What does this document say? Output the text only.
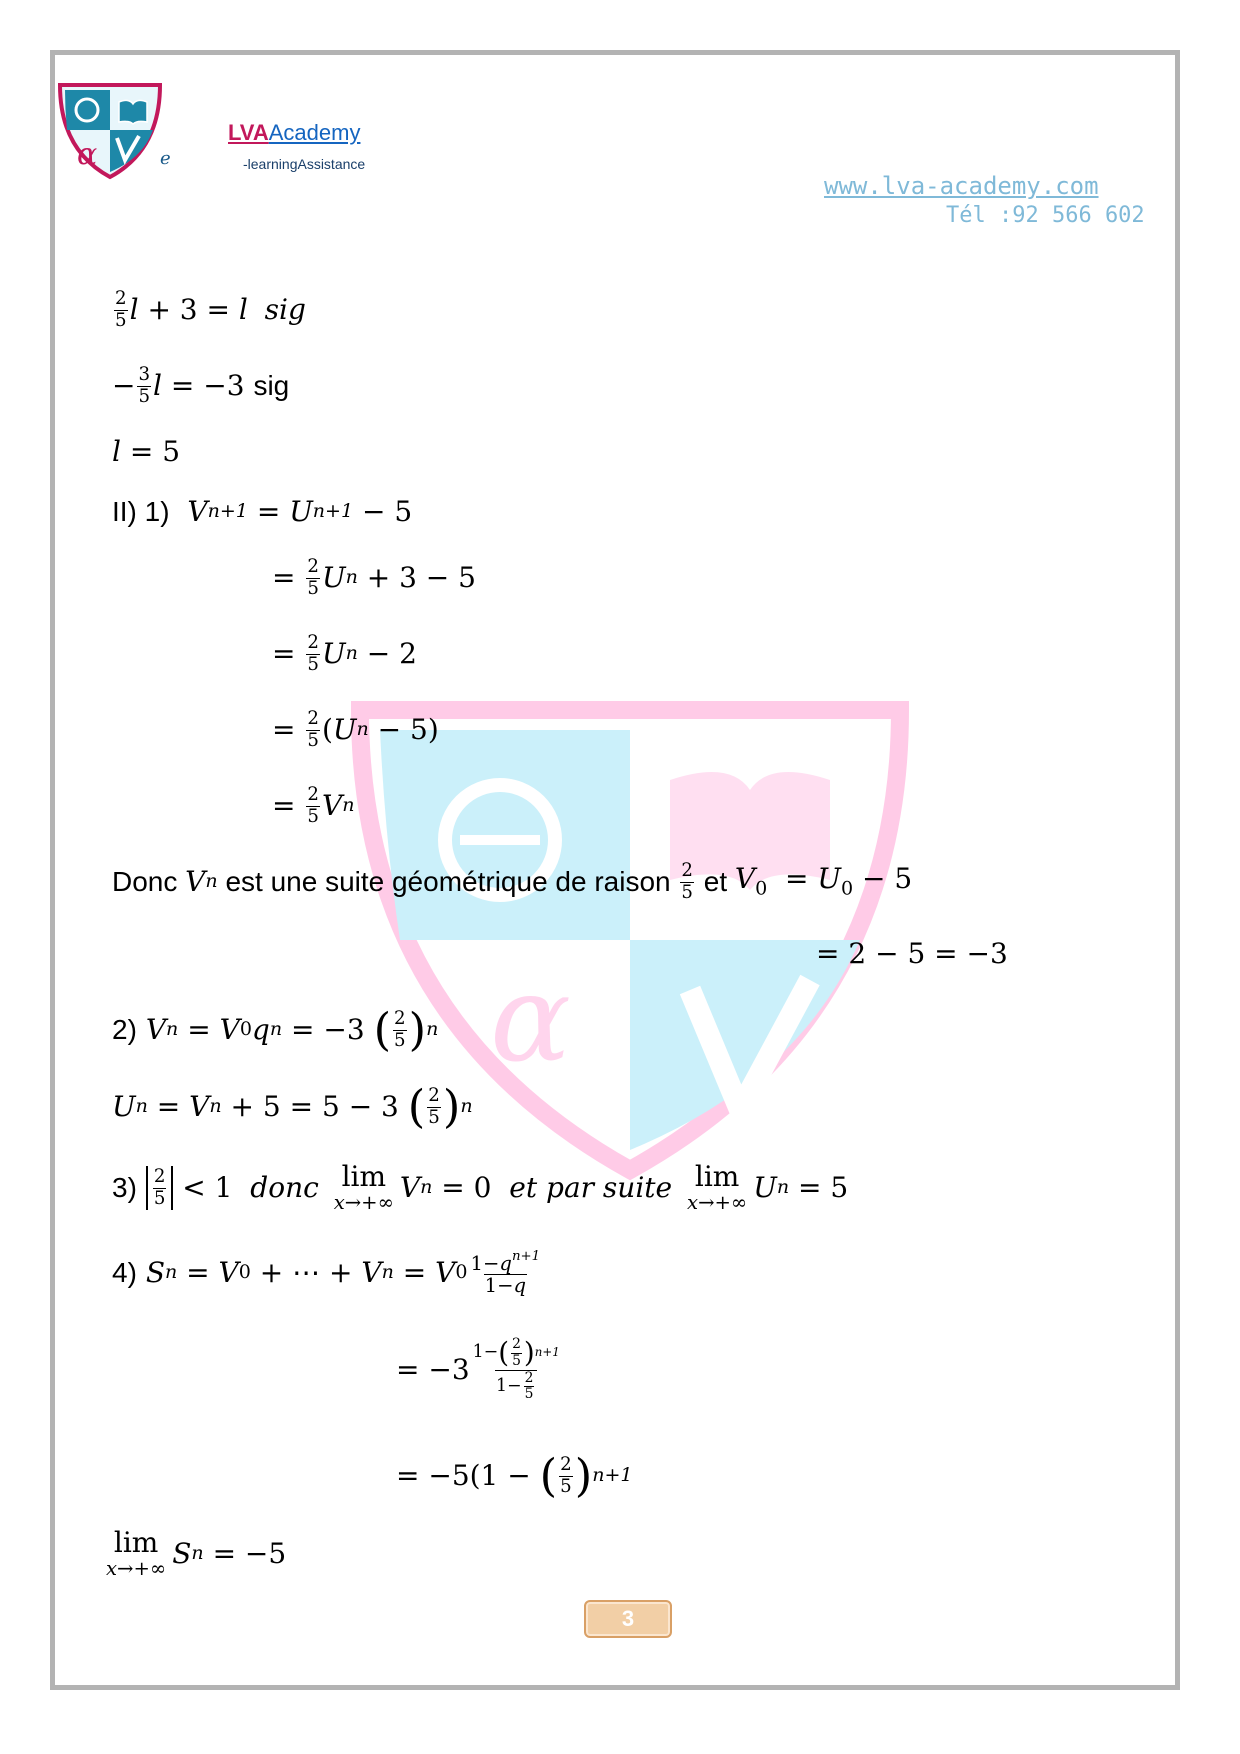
α
α	e
LVAAcademy
-learningAssistance
www.lva-academy.com
Tél :92 566 602
$\frac{2}{5}$ l + 3 = l sig
− $\frac{3}{5}$ l = −3 sig
l = 5
II) 1)
V n+1 = U n+1 − 5
= $\frac{2}{5}$ U n + 3 − 5
= $\frac{2}{5}$ U n − 2
= $\frac{2}{5}$ ( U n − 5)
= $\frac{2}{5}$ V n
Donc
V n
est une suite géométrique de raison
$\frac{2}{5}$
et
$V_0 = U_0 - 5$
= 2 − 5 = −3
2)
V n = V 0 q n = −3 ( $\frac{2}{5}$ ) n
U n = V n + 5 = 5 − 3 ( $\frac{2}{5}$ ) n
3)
$\frac{2}{5} < 1$ donc
lim
x→+∞ V n = 0 et par suite
lim
x→+∞ U n = 5
4)
S n = V 0 + ⋯ + V n = V $0 \frac{1-q^{n+1}}{1-q}$
= $-3 \frac{1- ( \frac{2}{5} ) n+1}{1- \frac{2}{5}}$
= −5(1 − ( $\frac{2}{5}$ ) n+1
lim
x→+∞ S n = −5
3
